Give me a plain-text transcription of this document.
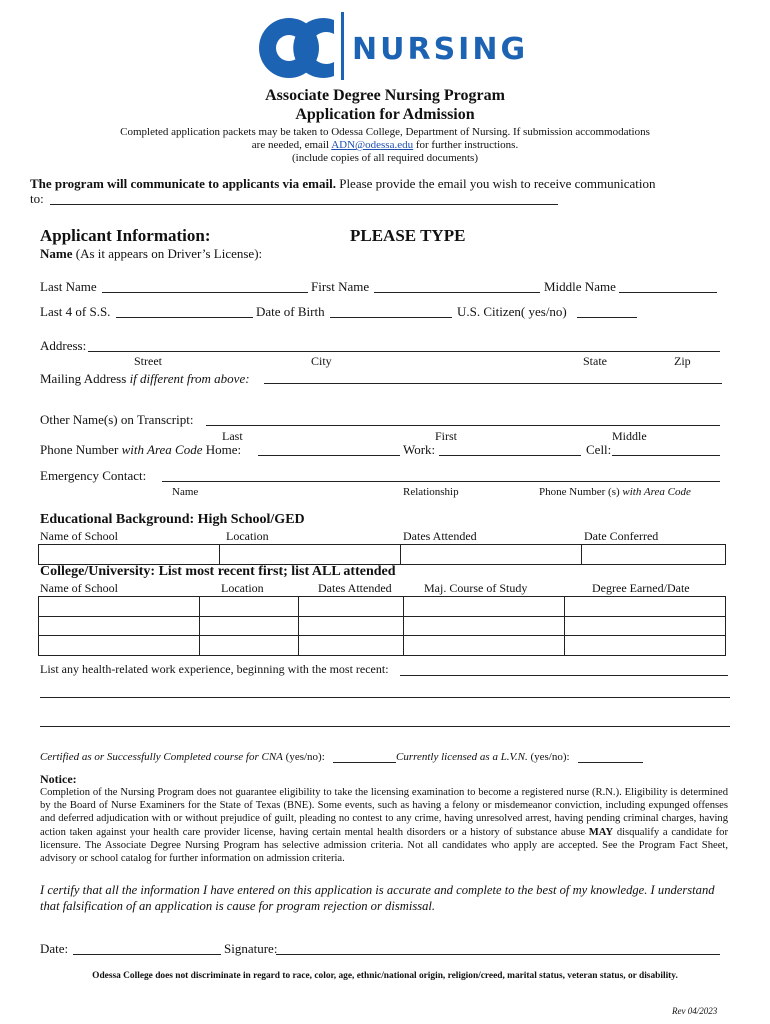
NURSING
Associate Degree Nursing Program
Application for Admission
Completed application packets may be taken to Odessa College, Department of Nursing. If submission accommodations
are needed, email ADN@odessa.edu for further instructions.
(include copies of all required documents)
The program will communicate to applicants via email. Please provide the email you wish to receive communication
to:
Applicant Information:	PLEASE TYPE
Name (As it appears on Driver’s License):
Last Name	First Name	Middle Name
Last 4 of S.S.	Date of Birth	U.S. Citizen( yes/no)
Address:
Street	City	State	Zip
Mailing Address if different from above:
Other Name(s) on Transcript:
Last	First	Middle
Phone Number with Area Code Home:	Work:	Cell:
Emergency Contact:
Name	Relationship	Phone Number (s) with Area Code
Educational Background: High School/GED
Name of School	Location	Dates Attended	Date Conferred

College/University: List most recent first; list ALL attended
Name of School	Location	Dates Attended	Maj. Course of Study	Degree Earned/Date

List any health-related work experience, beginning with the most recent:
Certified as or Successfully Completed course for CNA (yes/no):	Currently licensed as a L.V.N. (yes/no):
Notice:
Completion of the Nursing Program does not guarantee eligibility to take the licensing examination to become a registered nurse (R.N.). Eligibility is determined by the Board of Nurse Examiners for the State of Texas (BNE). Some events, such as having a felony or misdemeanor conviction, including expunged offenses and deferred adjudication with or without prejudice of guilt, pleading no contest to any crime, having unresolved arrest, having pending criminal charges, having action taken against your health care provider license, having certain mental health disorders or a history of substance abuse MAY disqualify a candidate for licensure. The Associate Degree Nursing Program has selective admission criteria. Not all candidates who apply are accepted. See the Program Fact Sheet, advisory or school catalog for further information on admission criteria.
I certify that all the information I have entered on this application is accurate and complete to the best of my knowledge. I understand that falsification of an application is cause for program rejection or dismissal.
Date:	Signature:
Odessa College does not discriminate in regard to race, color, age, ethnic/national origin, religion/creed, marital status, veteran status, or disability.
Rev 04/2023
